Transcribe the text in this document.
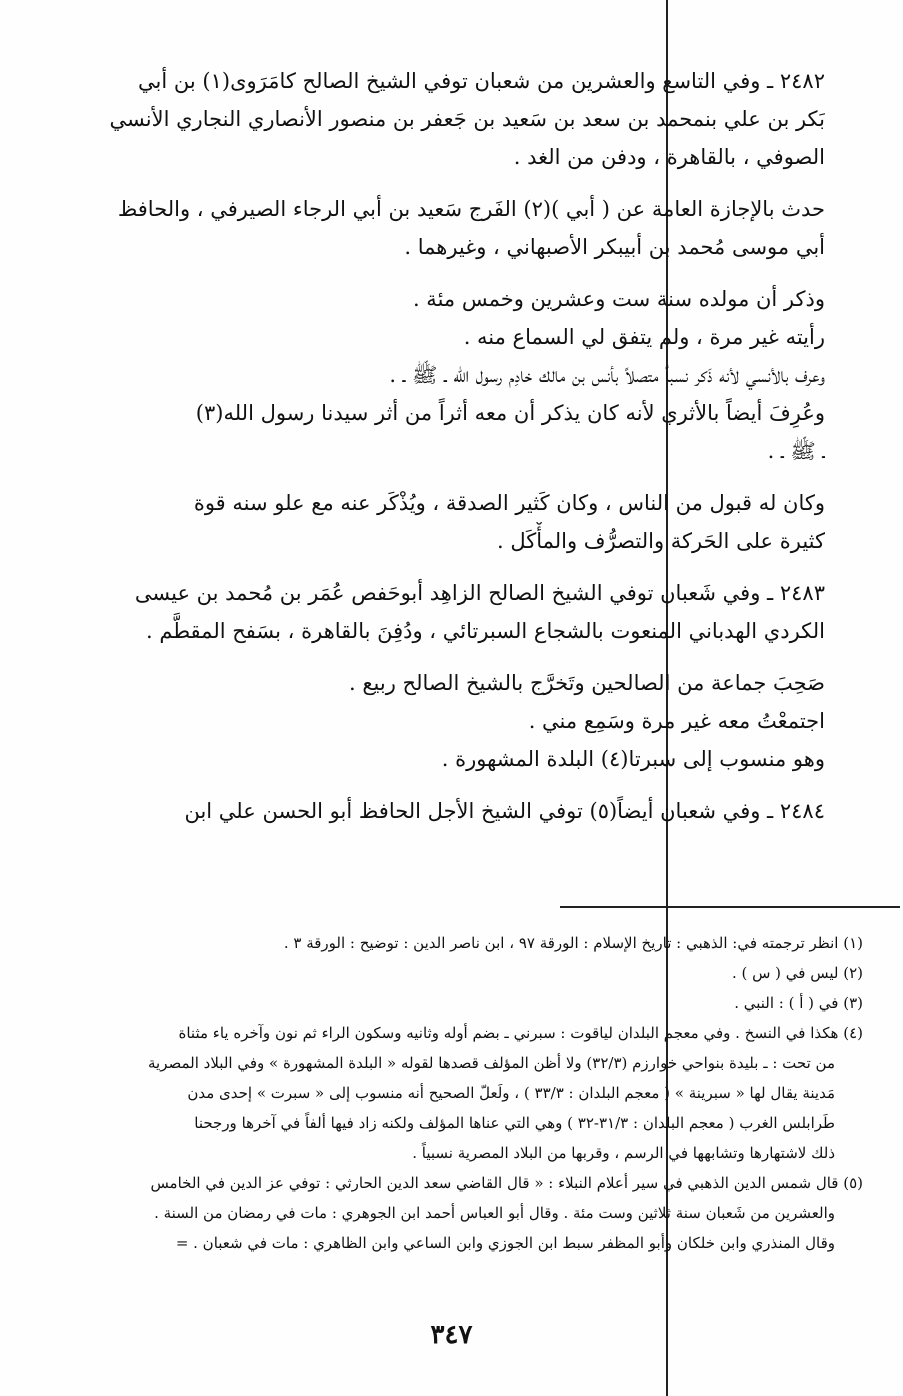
٢٤٨٢ ـ وفي التاسع والعشرين من شعبان توفي الشيخ الصالح كامَرَوى(١) بن أبي
بَكر بن علي بنمحمد بن سعد بن سَعيد بن جَعفر بن منصور الأنصاري النجاري الأنسي
الصوفي ، بالقاهرة ، ودفن من الغد .
حدث بالإجازة العامة عن ( أبي )(٢) الفَرج سَعيد بن أبي الرجاء الصيرفي ، والحافظ
أبي موسى مُحمد بن أبيبكر الأصبهاني ، وغيرهما .
وذكر أن مولده سنة ست وعشرين وخمس مئة .
رأيته غير مرة ، ولم يتفق لي السماع منه .
وعرف بالأنسي لأنه ذَكر نسباً متصلاً بأنس بن مالك خادِم رسول الله ـ ﷺ ـ .
وعُرِفَ أيضاً بالأثري لأنه كان يذكر أن معه أثراً من أثر سيدنا رسول الله(٣)
ـ ﷺ ـ .
وكان له قبول من الناس ، وكان كَثير الصدقة ، ويُذْكَر عنه مع علو سنه قوة
كثيرة على الحَركة والتصرُّف والمأْكَل .
٢٤٨٣ ـ وفي شَعبان توفي الشيخ الصالح الزاهِد أبوحَفص عُمَر بن مُحمد بن عيسى
الكردي الهدباني المنعوت بالشجاع السبرتائي ، ودُفِنَ بالقاهرة ، بسَفح المقطَّم .
صَحِبَ جماعة من الصالحين وتَخرَّج بالشيخ الصالح ربيع .
اجتمعْتُ معه غير مرة وسَمِع مني .
وهو منسوب إلى سبرتا(٤) البلدة المشهورة .
٢٤٨٤ ـ وفي شعبان أيضاً(٥) توفي الشيخ الأجل الحافظ أبو الحسن علي ابن
(١) انظر ترجمته في: الذهبي : تاريخ الإسلام : الورقة ٩٧ ، ابن ناصر الدين : توضيح : الورقة ٣ .
(٢) ليس في ( س ) .
(٣) في ( أ ) : النبي .
(٤) هكذا في النسخ . وفي معجم البلدان لياقوت : سبرني ـ بضم أوله وثانيه وسكون الراء ثم نون وآخره ياء مثناة
من تحت : ـ بليدة بنواحي خوارزم (٣٢/٣) ولا أظن المؤلف قصدها لقوله « البلدة المشهورة » وفي البلاد المصرية
مَدينة يقال لها « سبرينة » ( معجم البلدان : ٣٣/٣ ) ، ولَعلّ الصحيح أنه منسوب إلى « سبرت » إحدى مدن
طَرابلس الغرب ( معجم البلدان : ٣١/٣-٣٢ ) وهي التي عناها المؤلف ولكنه زاد فيها ألفاً في آخرها ورجحنا
ذلك لاشتهارها وتشابهها في الرسم ، وقربها من البلاد المصرية نسبياً .
(٥) قال شمس الدين الذهبي في سير أعلام النبلاء : « قال القاضي سعد الدين الحارثي : توفي عز الدين في الخامس
والعشرين من شَعبان سنة ثلاثين وست مئة . وقال أبو العباس أحمد ابن الجوهري : مات في رمضان من السنة .
وقال المنذري وابن خلكان وأبو المظفر سبط ابن الجوزي وابن الساعي وابن الظاهري : مات في شعبان . =
٣٤٧
